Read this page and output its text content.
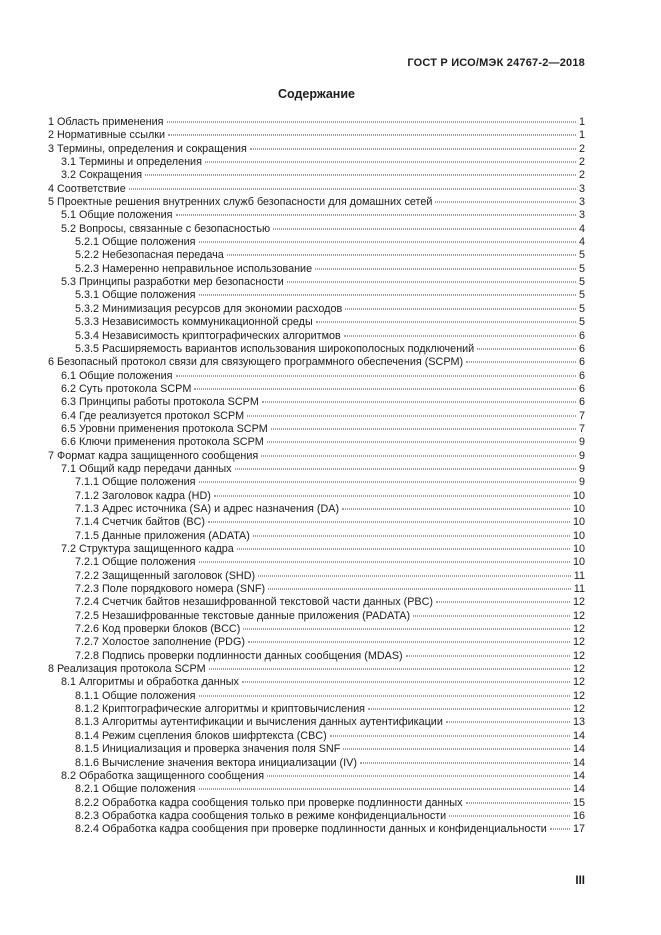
ГОСТ Р ИСО/МЭК 24767-2—2018
Содержание
1 Область применения	1
2 Нормативные ссылки	1
3 Термины, определения и сокращения	2
3.1 Термины и определения	2
3.2 Сокращения	2
4 Соответствие	3
5 Проектные решения внутренних служб безопасности для домашних сетей	3
5.1 Общие положения	3
5.2 Вопросы, связанные с безопасностью	4
5.2.1 Общие положения	4
5.2.2 Небезопасная передача	5
5.2.3 Намеренно неправильное использование	5
5.3 Принципы разработки мер безопасности	5
5.3.1 Общие положения	5
5.3.2 Минимизация ресурсов для экономии расходов	5
5.3.3 Независимость коммуникационной среды	5
5.3.4 Независимость криптографических алгоритмов	6
5.3.5 Расширяемость вариантов использования широкополосных подключений	6
6 Безопасный протокол связи для связующего программного обеспечения (SCPM)	6
6.1 Общие положения	6
6.2 Суть протокола SCPM	6
6.3 Принципы работы протокола SCPM	6
6.4 Где реализуется протокол SCPM	7
6.5 Уровни применения протокола SCPM	7
6.6 Ключи применения протокола SCPM	9
7 Формат кадра защищенного сообщения	9
7.1 Общий кадр передачи данных	9
7.1.1 Общие положения	9
7.1.2 Заголовок кадра (HD)	10
7.1.3 Адрес источника (SA) и адрес назначения (DA)	10
7.1.4 Счетчик байтов (BC)	10
7.1.5 Данные приложения (ADATA)	10
7.2 Структура защищенного кадра	10
7.2.1 Общие положения	10
7.2.2 Защищенный заголовок (SHD)	11
7.2.3 Поле порядкового номера (SNF)	11
7.2.4 Счетчик байтов незашифрованной текстовой части данных (PBC)	12
7.2.5 Незашифрованные текстовые данные приложения (PADATA)	12
7.2.6 Код проверки блоков (BCC)	12
7.2.7 Холостое заполнение (PDG)	12
7.2.8 Подпись проверки подлинности данных сообщения (MDAS)	12
8 Реализация протокола SCPM	12
8.1 Алгоритмы и обработка данных	12
8.1.1 Общие положения	12
8.1.2 Криптографические алгоритмы и криптовычисления	12
8.1.3 Алгоритмы аутентификации и вычисления данных аутентификации	13
8.1.4 Режим сцепления блоков шифртекста (CBC)	14
8.1.5 Инициализация и проверка значения поля SNF	14
8.1.6 Вычисление значения вектора инициализации (IV)	14
8.2 Обработка защищенного сообщения	14
8.2.1 Общие положения	14
8.2.2 Обработка кадра сообщения только при проверке подлинности данных	15
8.2.3 Обработка кадра сообщения только в режиме конфиденциальности	16
8.2.4 Обработка кадра сообщения при проверке подлинности данных и конфиденциальности 17
III
